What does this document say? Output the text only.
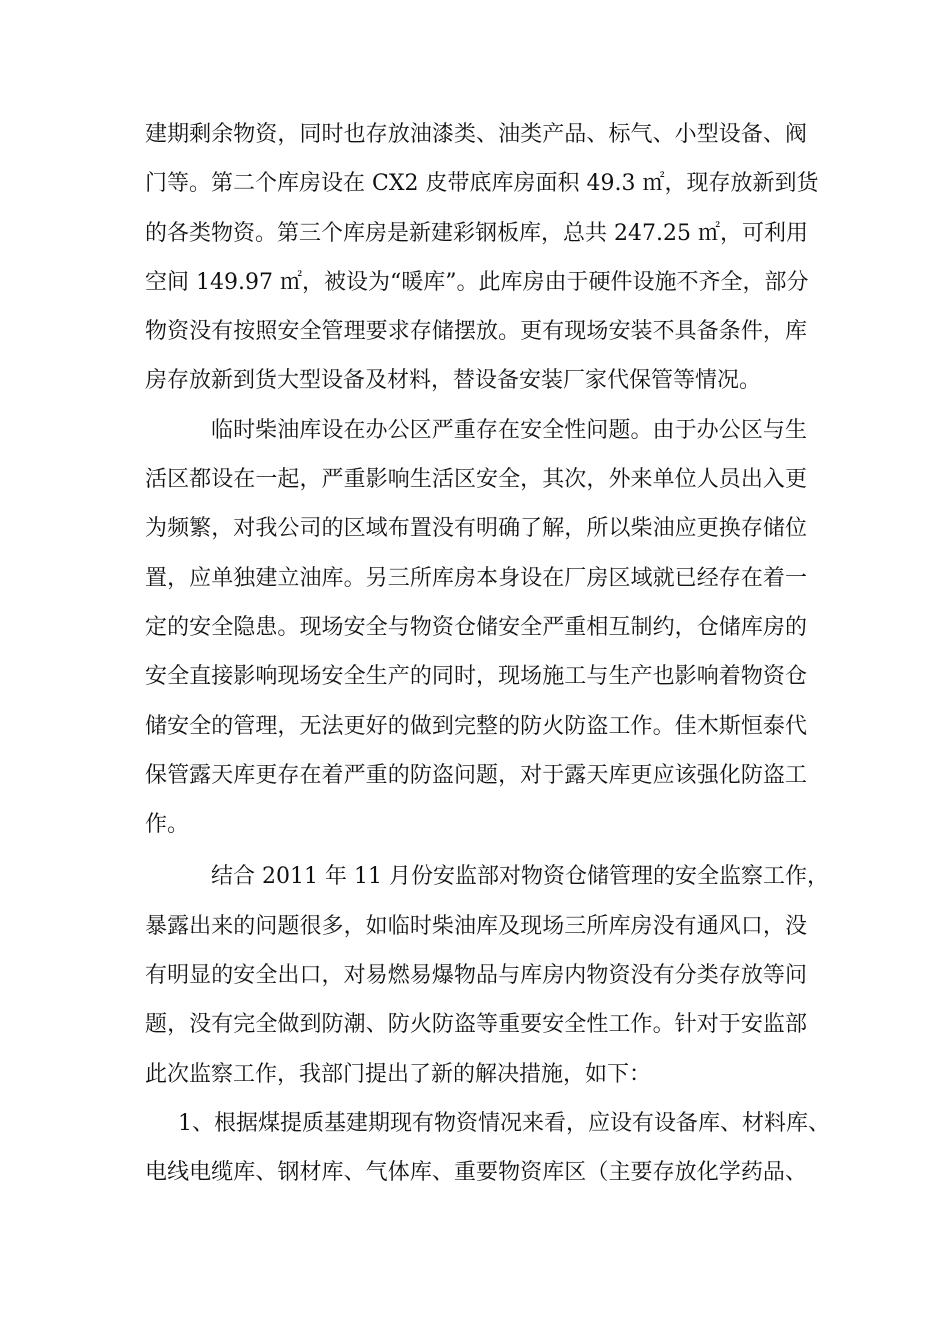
建期剩余物资，同时也存放油漆类、油类产品、标气、小型设备、阀
门等。第二个库房设在 CX2 皮带底库房面积 49.3 ㎡，现存放新到货
的各类物资。第三个库房是新建彩钢板库，总共 247.25 ㎡，可利用
空间 149.97 ㎡，被设为“暖库”。此库房由于硬件设施不齐全，部分
物资没有按照安全管理要求存储摆放。更有现场安装不具备条件，库
房存放新到货大型设备及材料，替设备安装厂家代保管等情况。
临时柴油库设在办公区严重存在安全性问题。由于办公区与生
活区都设在一起，严重影响生活区安全，其次，外来单位人员出入更
为频繁，对我公司的区域布置没有明确了解，所以柴油应更换存储位
置，应单独建立油库。另三所库房本身设在厂房区域就已经存在着一
定的安全隐患。现场安全与物资仓储安全严重相互制约，仓储库房的
安全直接影响现场安全生产的同时，现场施工与生产也影响着物资仓
储安全的管理，无法更好的做到完整的防火防盗工作。佳木斯恒泰代
保管露天库更存在着严重的防盗问题，对于露天库更应该强化防盗工
作。
结合 2011 年 11 月份安监部对物资仓储管理的安全监察工作，
暴露出来的问题很多，如临时柴油库及现场三所库房没有通风口，没
有明显的安全出口，对易燃易爆物品与库房内物资没有分类存放等问
题，没有完全做到防潮、防火防盗等重要安全性工作。针对于安监部
此次监察工作，我部门提出了新的解决措施，如下：
1、根据煤提质基建期现有物资情况来看，应设有设备库、材料库、
电线电缆库、钢材库、气体库、重要物资库区（主要存放化学药品、
